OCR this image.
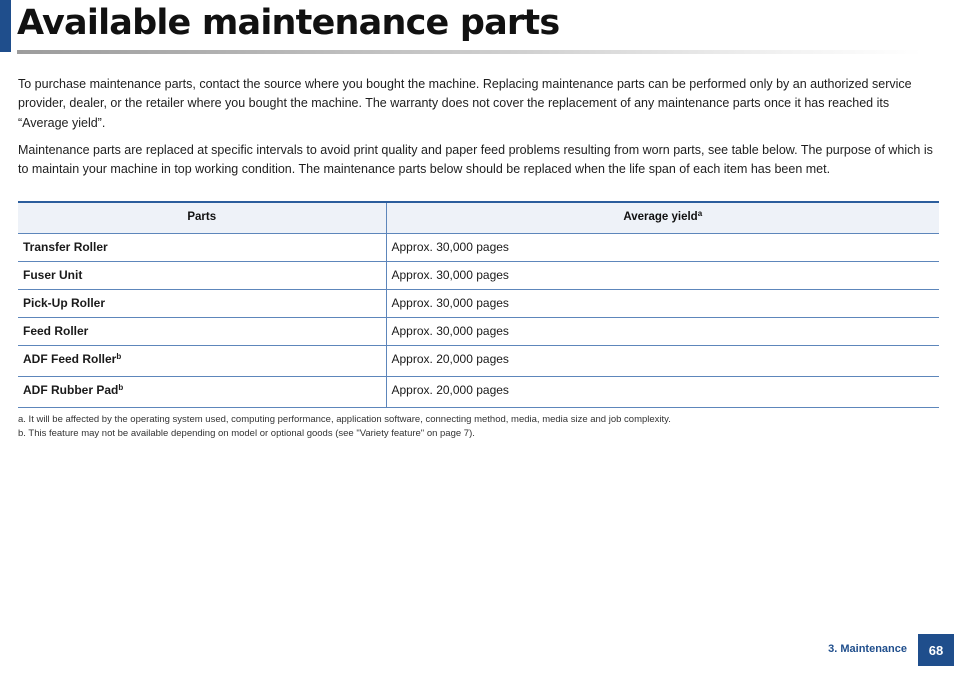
Available maintenance parts

To purchase maintenance parts, contact the source where you bought the machine. Replacing maintenance parts can be performed only by an authorized service provider, dealer, or the retailer where you bought the machine. The warranty does not cover the replacement of any maintenance parts once it has reached its “Average yield”.

Maintenance parts are replaced at specific intervals to avoid print quality and paper feed problems resulting from worn parts, see table below. The purpose of which is to maintain your machine in top working condition. The maintenance parts below should be replaced when the life span of each item has been met.

Parts	Average yield$^a$
Transfer Roller	Approx. 30,000 pages
Fuser Unit	Approx. 30,000 pages
Pick-Up Roller	Approx. 30,000 pages
Feed Roller	Approx. 30,000 pages
ADF Feed Roller$^b$	Approx. 20,000 pages
ADF Rubber Pad$^b$	Approx. 20,000 pages

a. It will be affected by the operating system used, computing performance, application software, connecting method, media, media size and job complexity.

b. This feature may not be available depending on model or optional goods (see "Variety feature" on page 7).

3. Maintenance 68
